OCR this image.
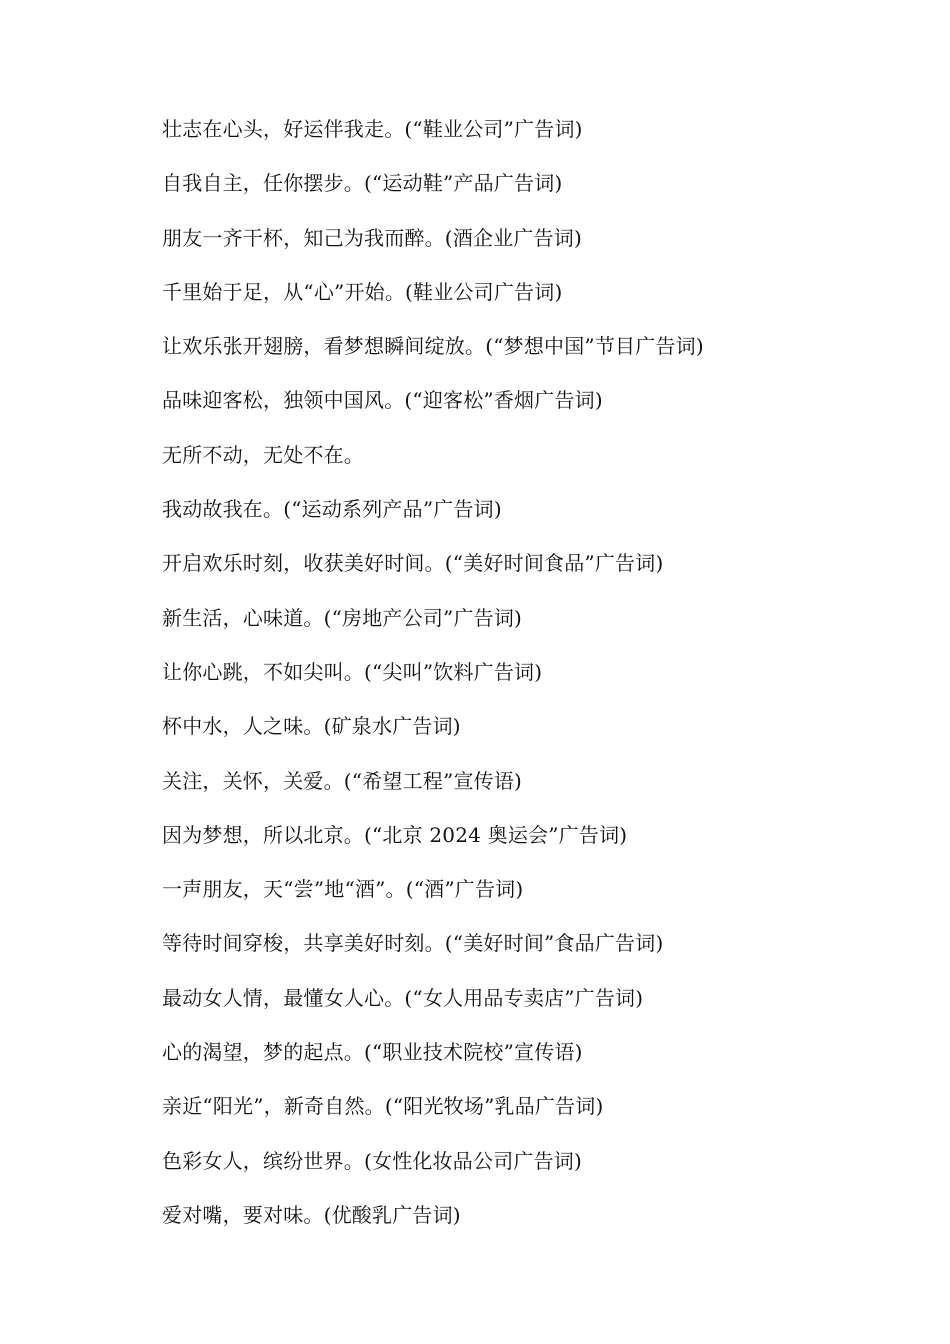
壮志在心头，好运伴我走。(“鞋业公司”广告词)
自我自主，任你摆步。(“运动鞋”产品广告词)
朋友一齐干杯，知己为我而醉。(酒企业广告词)
千里始于足，从“心”开始。(鞋业公司广告词)
让欢乐张开翅膀，看梦想瞬间绽放。(“梦想中国”节目广告词)
品味迎客松，独领中国风。(“迎客松”香烟广告词)
无所不动，无处不在。
我动故我在。(“运动系列产品”广告词)
开启欢乐时刻，收获美好时间。(“美好时间食品”广告词)
新生活，心味道。(“房地产公司”广告词)
让你心跳，不如尖叫。(“尖叫”饮料广告词)
杯中水，人之味。(矿泉水广告词)
关注，关怀，关爱。(“希望工程”宣传语)
因为梦想，所以北京。(“北京 2024 奥运会”广告词)
一声朋友，天“尝”地“酒”。(“酒”广告词)
等待时间穿梭，共享美好时刻。(“美好时间”食品广告词)
最动女人情，最懂女人心。(“女人用品专卖店”广告词)
心的渴望，梦的起点。(“职业技术院校”宣传语)
亲近“阳光”，新奇自然。(“阳光牧场”乳品广告词)
色彩女人，缤纷世界。(女性化妆品公司广告词)
爱对嘴，要对味。(优酸乳广告词)
